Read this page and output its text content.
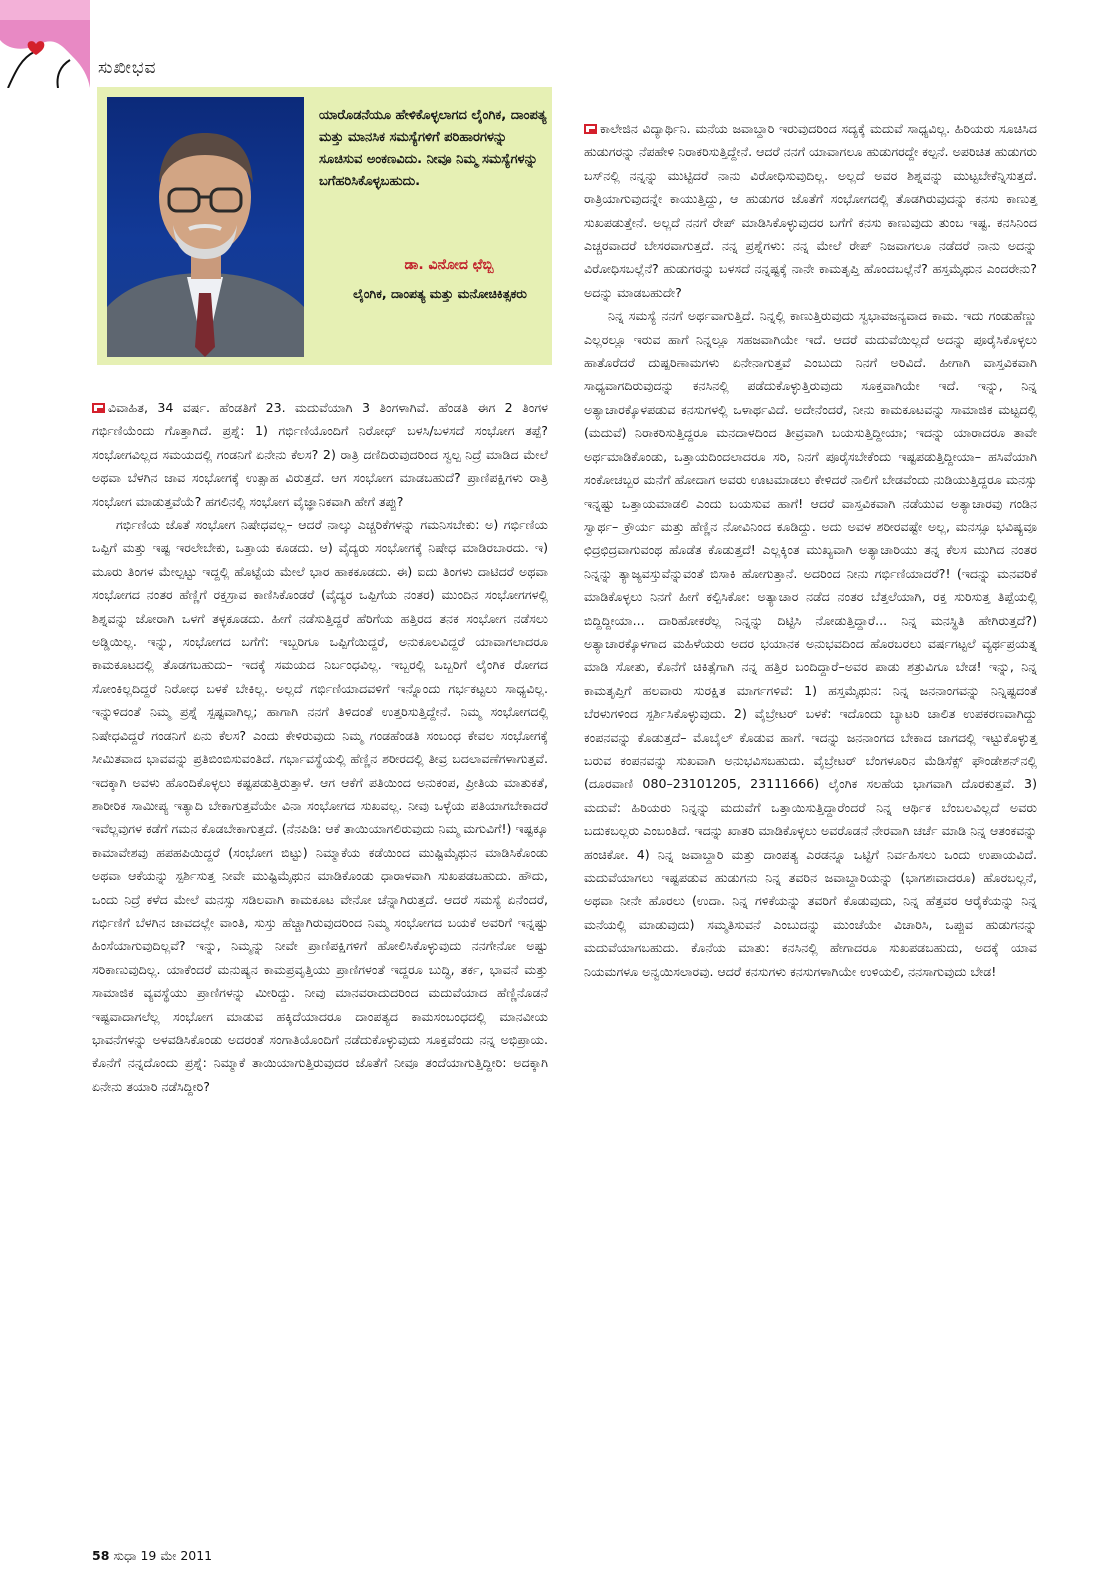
ಸುಖೀಭವ
ಯಾರೊಡನೆಯೂ ಹೇಳಿಕೊಳ್ಳಲಾಗದ ಲೈಂಗಿಕ, ದಾಂಪತ್ಯ ಮತ್ತು ಮಾನಸಿಕ ಸಮಸ್ಯೆಗಳಿಗೆ ಪರಿಹಾರಗಳನ್ನು ಸೂಚಿಸುವ ಅಂಕಣವಿದು. ನೀವೂ ನಿಮ್ಮ ಸಮಸ್ಯೆಗಳನ್ನು ಬಗೆಹರಿಸಿಕೊಳ್ಳಬಹುದು.
ಡಾ. ವಿನೋದ ಛೆಬ್ಬಿ
ಲೈಂಗಿಕ, ದಾಂಪತ್ಯ ಮತ್ತು ಮನೋಚಿಕಿತ್ಸಕರು

ವಿವಾಹಿತ, 34 ವರ್ಷ. ಹೆಂಡತಿಗೆ 23. ಮದುವೆಯಾಗಿ 3 ತಿಂಗಳಾಗಿವೆ. ಹೆಂಡತಿ ಈಗ 2 ತಿಂಗಳ ಗರ್ಭಿಣಿಯೆಂದು ಗೊತ್ತಾಗಿದೆ. ಪ್ರಶ್ನೆ: 1) ಗರ್ಭಿಣಿಯೊಂದಿಗೆ ನಿರೋಧ್ ಬಳಸಿ/ಬಳಸದೆ ಸಂಭೋಗ ತಪ್ಪೆ? ಸಂಭೋಗವಿಲ್ಲದ ಸಮಯದಲ್ಲಿ ಗಂಡನಿಗೆ ಏನೇನು ಕೆಲಸ? 2) ರಾತ್ರಿ ದಣಿದಿರುವುದರಿಂದ ಸ್ವಲ್ಪ ನಿದ್ರೆ ಮಾಡಿದ ಮೇಲೆ ಅಥವಾ ಬೆಳಗಿನ ಜಾವ ಸಂಭೋಗಕ್ಕೆ ಉತ್ಸಾಹ ವಿರುತ್ತದೆ. ಆಗ ಸಂಭೋಗ ಮಾಡಬಹುದೆ? ಪ್ರಾಣಿಪಕ್ಷಿಗಳು ರಾತ್ರಿ ಸಂಭೋಗ ಮಾಡುತ್ತವೆಯೆ? ಹಗಲಿನಲ್ಲಿ ಸಂಭೋಗ ವೈಜ್ಞಾನಿಕವಾಗಿ ಹೇಗೆ ತಪ್ಪು?

ಗರ್ಭಿಣಿಯ ಜೊತೆ ಸಂಭೋಗ ನಿಷೇಧವಲ್ಲ– ಆದರೆ ನಾಲ್ಕು ಎಚ್ಚರಿಕೆಗಳನ್ನು ಗಮನಿಸಬೇಕು: ಅ) ಗರ್ಭಿಣಿಯ ಒಪ್ಪಿಗೆ ಮತ್ತು ಇಷ್ಟ ಇರಲೇಬೇಕು, ಒತ್ತಾಯ ಕೂಡದು. ಆ) ವೈದ್ಯರು ಸಂಭೋಗಕ್ಕೆ ನಿಷೇಧ ಮಾಡಿರಬಾರದು. ಇ) ಮೂರು ತಿಂಗಳ ಮೇಲ್ಪಟ್ಟು ಇದ್ದಲ್ಲಿ ಹೊಟ್ಟೆಯ ಮೇಲೆ ಭಾರ ಹಾಕಕೂಡದು. ಈ) ಐದು ತಿಂಗಳು ದಾಟಿದರೆ ಅಥವಾ ಸಂಭೋಗದ ನಂತರ ಹೆಣ್ಣಿಗೆ ರಕ್ತಸ್ರಾವ ಕಾಣಿಸಿಕೊಂಡರೆ (ವೈದ್ಯರ ಒಪ್ಪಿಗೆಯ ನಂತರ) ಮುಂದಿನ ಸಂಭೋಗಗಳಲ್ಲಿ ಶಿಶ್ನವನ್ನು ಜೋರಾಗಿ ಒಳಗೆ ತಳ್ಳಕೂಡದು. ಹೀಗೆ ನಡೆಸುತ್ತಿದ್ದರೆ ಹೆರಿಗೆಯ ಹತ್ತಿರದ ತನಕ ಸಂಭೋಗ ನಡೆಸಲು ಅಡ್ಡಿಯಿಲ್ಲ. ಇನ್ನು, ಸಂಭೋಗದ ಬಗೆಗೆ: ಇಬ್ಬರಿಗೂ ಒಪ್ಪಿಗೆಯಿದ್ದರೆ, ಅನುಕೂಲವಿದ್ದರೆ ಯಾವಾಗಲಾದರೂ ಕಾಮಕೂಟದಲ್ಲಿ ತೊಡಗಬಹುದು– ಇದಕ್ಕೆ ಸಮಯದ ನಿರ್ಬಂಧವಿಲ್ಲ. ಇಬ್ಬರಲ್ಲಿ ಒಬ್ಬರಿಗೆ ಲೈಂಗಿಕ ರೋಗದ ಸೋಂಕಿಲ್ಲದಿದ್ದರೆ ನಿರೋಧ ಬಳಕೆ ಬೇಕಿಲ್ಲ. ಅಲ್ಲದೆ ಗರ್ಭಿಣಿಯಾದವಳಿಗೆ ಇನ್ನೊಂದು ಗರ್ಭಕಟ್ಟಲು ಸಾಧ್ಯವಿಲ್ಲ. ಇನ್ನುಳಿದಂತೆ ನಿಮ್ಮ ಪ್ರಶ್ನೆ ಸ್ಪಷ್ಟವಾಗಿಲ್ಲ; ಹಾಗಾಗಿ ನನಗೆ ತಿಳಿದಂತೆ ಉತ್ತರಿಸುತ್ತಿದ್ದೇನೆ. ನಿಮ್ಮ ಸಂಭೋಗದಲ್ಲಿ ನಿಷೇಧವಿದ್ದರೆ ಗಂಡನಿಗೆ ಏನು ಕೆಲಸ? ಎಂದು ಕೇಳಿರುವುದು ನಿಮ್ಮ ಗಂಡಹೆಂಡತಿ ಸಂಬಂಧ ಕೇವಲ ಸಂಭೋಗಕ್ಕೆ ಸೀಮಿತವಾದ ಭಾವವನ್ನು ಪ್ರತಿಬಿಂಬಿಸುವಂತಿದೆ. ಗರ್ಭಾವಸ್ಥೆಯಲ್ಲಿ ಹೆಣ್ಣಿನ ಶರೀರದಲ್ಲಿ ತೀವ್ರ ಬದಲಾವಣೆಗಳಾಗುತ್ತವೆ. ಇದಕ್ಕಾಗಿ ಅವಳು ಹೊಂದಿಕೊಳ್ಳಲು ಕಷ್ಟಪಡುತ್ತಿರುತ್ತಾಳೆ. ಆಗ ಆಕೆಗೆ ಪತಿಯಿಂದ ಅನುಕಂಪ, ಪ್ರೀತಿಯ ಮಾತುಕತೆ, ಶಾರೀರಿಕ ಸಾಮೀಪ್ಯ ಇತ್ಯಾದಿ ಬೇಕಾಗುತ್ತವೆಯೇ ವಿನಾ ಸಂಭೋಗದ ಸುಖವಲ್ಲ. ನೀವು ಒಳ್ಳೆಯ ಪತಿಯಾಗಬೇಕಾದರೆ ಇವೆಲ್ಲವುಗಳ ಕಡೆಗೆ ಗಮನ ಕೊಡಬೇಕಾಗುತ್ತದೆ. (ನೆನಪಿಡಿ: ಆಕೆ ತಾಯಿಯಾಗಲಿರುವುದು ನಿಮ್ಮ ಮಗುವಿಗೆ!) ಇಷ್ಟಕ್ಕೂ ಕಾಮಾವೇಶವು ಹಪಹಪಿಯಿದ್ದರೆ (ಸಂಭೋಗ ಬಿಟ್ಟು) ನಿಮ್ಮಾಕೆಯ ಕಡೆಯಿಂದ ಮುಷ್ಟಿಮೈಥುನ ಮಾಡಿಸಿಕೊಂಡು ಅಥವಾ ಆಕೆಯನ್ನು ಸ್ಪರ್ಶಿಸುತ್ತ ನೀವೇ ಮುಷ್ಟಿಮೈಥುನ ಮಾಡಿಕೊಂಡು ಧಾರಾಳವಾಗಿ ಸುಖಪಡಬಹುದು. ಹೌದು, ಒಂದು ನಿದ್ರೆ ಕಳೆದ ಮೇಲೆ ಮನಸ್ಸು ಸಡಿಲವಾಗಿ ಕಾಮಕೂಟ ವೇನೋ ಚೆನ್ನಾಗಿರುತ್ತದೆ. ಆದರೆ ಸಮಸ್ಯೆ ಏನೆಂದರೆ, ಗರ್ಭಿಣಿಗೆ ಬೆಳಗಿನ ಜಾವದಲ್ಲೇ ವಾಂತಿ, ಸುಸ್ತು ಹೆಚ್ಚಾಗಿರುವುದರಿಂದ ನಿಮ್ಮ ಸಂಭೋಗದ ಬಯಕೆ ಅವರಿಗೆ ಇನ್ನಷ್ಟು ಹಿಂಸೆಯಾಗುವುದಿಲ್ಲವೆ? ಇನ್ನು, ನಿಮ್ಮನ್ನು ನೀವೇ ಪ್ರಾಣಿಪಕ್ಷಿಗಳಿಗೆ ಹೋಲಿಸಿಕೊಳ್ಳುವುದು ನನಗೇನೋ ಅಷ್ಟು ಸರಿಕಾಣುವುದಿಲ್ಲ. ಯಾಕೆಂದರೆ ಮನುಷ್ಯನ ಕಾಮಪ್ರವೃತ್ತಿಯು ಪ್ರಾಣಿಗಳಂತೆ ಇದ್ದರೂ ಬುದ್ಧಿ, ತರ್ಕ, ಭಾವನೆ ಮತ್ತು ಸಾಮಾಜಿಕ ವ್ಯವಸ್ಥೆಯು ಪ್ರಾಣಿಗಳನ್ನು ಮೀರಿದ್ದು. ನೀವು ಮಾನವರಾದುದರಿಂದ ಮದುವೆಯಾದ ಹೆಣ್ಣಿನೊಡನೆ ಇಷ್ಟವಾದಾಗಲೆಲ್ಲ ಸಂಭೋಗ ಮಾಡುವ ಹಕ್ಕಿದೆಯಾದರೂ ದಾಂಪತ್ಯದ ಕಾಮಸಂಬಂಧದಲ್ಲಿ ಮಾನವೀಯ ಭಾವನೆಗಳನ್ನು ಅಳವಡಿಸಿಕೊಂಡು ಅದರಂತೆ ಸಂಗಾತಿಯೊಂದಿಗೆ ನಡೆದುಕೊಳ್ಳುವುದು ಸೂಕ್ತವೆಂದು ನನ್ನ ಅಭಿಪ್ರಾಯ. ಕೊನೆಗೆ ನನ್ನದೊಂದು ಪ್ರಶ್ನೆ: ನಿಮ್ಮಾಕೆ ತಾಯಿಯಾಗುತ್ತಿರುವುದರ ಜೊತೆಗೆ ನೀವೂ ತಂದೆಯಾಗುತ್ತಿದ್ದೀರಿ: ಅದಕ್ಕಾಗಿ ಏನೇನು ತಯಾರಿ ನಡೆಸಿದ್ದೀರಿ?

ಕಾಲೇಜಿನ ವಿದ್ಯಾರ್ಥಿನಿ. ಮನೆಯ ಜವಾಬ್ದಾರಿ ಇರುವುದರಿಂದ ಸದ್ಯಕ್ಕೆ ಮದುವೆ ಸಾಧ್ಯವಿಲ್ಲ. ಹಿರಿಯರು ಸೂಚಿಸಿದ ಹುಡುಗರನ್ನು ನೆಪಹೇಳಿ ನಿರಾಕರಿಸುತ್ತಿದ್ದೇನೆ. ಆದರೆ ನನಗೆ ಯಾವಾಗಲೂ ಹುಡುಗರದ್ದೇ ಕಲ್ಪನೆ. ಅಪರಿಚಿತ ಹುಡುಗರು ಬಸ್‌ನಲ್ಲಿ ನನ್ನನ್ನು ಮುಟ್ಟಿದರೆ ನಾನು ವಿರೋಧಿಸುವುದಿಲ್ಲ. ಅಲ್ಲದೆ ಅವರ ಶಿಶ್ನವನ್ನು ಮುಟ್ಟಬೇಕೆನ್ನಿಸುತ್ತದೆ. ರಾತ್ರಿಯಾಗುವುದನ್ನೇ ಕಾಯುತ್ತಿದ್ದು, ಆ ಹುಡುಗರ ಜೊತೆಗೆ ಸಂಭೋಗದಲ್ಲಿ ತೊಡಗಿರುವುದನ್ನು ಕನಸು ಕಾಣುತ್ತ ಸುಖಪಡುತ್ತೇನೆ. ಅಲ್ಲದೆ ನನಗೆ ರೇಪ್ ಮಾಡಿಸಿಕೊಳ್ಳುವುದರ ಬಗೆಗೆ ಕನಸು ಕಾಣುವುದು ತುಂಬ ಇಷ್ಟ. ಕನಸಿನಿಂದ ಎಚ್ಚರವಾದರೆ ಬೇಸರವಾಗುತ್ತದೆ. ನನ್ನ ಪ್ರಶ್ನೆಗಳು: ನನ್ನ ಮೇಲೆ ರೇಪ್ ನಿಜವಾಗಲೂ ನಡೆದರೆ ನಾನು ಅದನ್ನು ವಿರೋಧಿಸಬಲ್ಲೆನೆ? ಹುಡುಗರನ್ನು ಬಳಸದೆ ನನ್ನಷ್ಟಕ್ಕೆ ನಾನೇ ಕಾಮತೃಪ್ತಿ ಹೊಂದಬಲ್ಲೆನೆ? ಹಸ್ತಮೈಥುನ ಎಂದರೇನು? ಅದನ್ನು ಮಾಡಬಹುದೇ?

ನಿನ್ನ ಸಮಸ್ಯೆ ನನಗೆ ಅರ್ಥವಾಗುತ್ತಿದೆ. ನಿನ್ನಲ್ಲಿ ಕಾಣುತ್ತಿರುವುದು ಸ್ವಭಾವಜನ್ಯವಾದ ಕಾಮ. ಇದು ಗಂಡುಹೆಣ್ಣು ಎಲ್ಲರಲ್ಲೂ ಇರುವ ಹಾಗೆ ನಿನ್ನಲ್ಲೂ ಸಹಜವಾಗಿಯೇ ಇದೆ. ಆದರೆ ಮದುವೆಯಿಲ್ಲದೆ ಅದನ್ನು ಪೂರೈಸಿಕೊಳ್ಳಲು ಹಾತೊರೆದರೆ ದುಷ್ಪರಿಣಾಮಗಳು ಏನೇನಾಗುತ್ತವೆ ಎಂಬುದು ನಿನಗೆ ಅರಿವಿದೆ. ಹೀಗಾಗಿ ವಾಸ್ತವಿಕವಾಗಿ ಸಾಧ್ಯವಾಗದಿರುವುದನ್ನು ಕನಸಿನಲ್ಲಿ ಪಡೆದುಕೊಳ್ಳುತ್ತಿರುವುದು ಸೂಕ್ತವಾಗಿಯೇ ಇದೆ. ಇನ್ನು, ನಿನ್ನ ಅತ್ಯಾಚಾರಕ್ಕೊಳಪಡುವ ಕನಸುಗಳಲ್ಲಿ ಒಳಾರ್ಥವಿದೆ. ಅದೇನೆಂದರೆ, ನೀನು ಕಾಮಕೂಟವನ್ನು ಸಾಮಾಜಿಕ ಮಟ್ಟದಲ್ಲಿ (ಮದುವೆ) ನಿರಾಕರಿಸುತ್ತಿದ್ದರೂ ಮನದಾಳದಿಂದ ತೀವ್ರವಾಗಿ ಬಯಸುತ್ತಿದ್ದೀಯಾ; ಇದನ್ನು ಯಾರಾದರೂ ತಾವೇ ಅರ್ಥಮಾಡಿಕೊಂಡು, ಒತ್ತಾಯದಿಂದಲಾದರೂ ಸರಿ, ನಿನಗೆ ಪೂರೈಸಬೇಕೆಂದು ಇಷ್ಟಪಡುತ್ತಿದ್ದೀಯಾ– ಹಸಿವೆಯಾಗಿ ಸಂಕೋಚಬ್ಬರ ಮನೆಗೆ ಹೋದಾಗ ಅವರು ಊಟಮಾಡಲು ಕೇಳಿದರೆ ನಾಲಿಗೆ ಬೇಡವೆಂದು ನುಡಿಯುತ್ತಿದ್ದರೂ ಮನಸ್ಸು ಇನ್ನಷ್ಟು ಒತ್ತಾಯಮಾಡಲಿ ಎಂದು ಬಯಸುವ ಹಾಗೆ! ಆದರೆ ವಾಸ್ತವಿಕವಾಗಿ ನಡೆಯುವ ಅತ್ಯಾಚಾರವು ಗಂಡಿನ ಸ್ವಾರ್ಥ– ಕ್ರೌರ್ಯ ಮತ್ತು ಹೆಣ್ಣಿನ ನೋವಿನಿಂದ ಕೂಡಿದ್ದು. ಅದು ಅವಳ ಶರೀರವಷ್ಟೇ ಅಲ್ಲ, ಮನಸ್ಸೂ ಭವಿಷ್ಯವೂ ಛಿದ್ರಛಿದ್ರವಾಗುವಂಥ ಹೊಡೆತ ಕೊಡುತ್ತದೆ! ಎಲ್ಲಕ್ಕಿಂತ ಮುಖ್ಯವಾಗಿ ಅತ್ಯಾಚಾರಿಯು ತನ್ನ ಕೆಲಸ ಮುಗಿದ ನಂತರ ನಿನ್ನನ್ನು ತ್ಯಾಜ್ಯವಸ್ತುವೆನ್ನುವಂತೆ ಬಿಸಾಕಿ ಹೋಗುತ್ತಾನೆ. ಅದರಿಂದ ನೀನು ಗರ್ಭಿಣಿಯಾದರೆ?! (ಇದನ್ನು ಮನವರಿಕೆ ಮಾಡಿಕೊಳ್ಳಲು ನಿನಗೆ ಹೀಗೆ ಕಲ್ಪಿಸಿಕೋ: ಅತ್ಯಾಚಾರ ನಡೆದ ನಂತರ ಬೆತ್ತಲೆಯಾಗಿ, ರಕ್ತ ಸುರಿಸುತ್ತ ತಿಪ್ಪೆಯಲ್ಲಿ ಬಿದ್ದಿದ್ದೀಯಾ... ದಾರಿಹೋಕರೆಲ್ಲ ನಿನ್ನನ್ನು ದಿಟ್ಟಿಸಿ ನೋಡುತ್ತಿದ್ದಾರೆ... ನಿನ್ನ ಮನಸ್ಥಿತಿ ಹೇಗಿರುತ್ತದೆ?) ಅತ್ಯಾಚಾರಕ್ಕೊಳಗಾದ ಮಹಿಳೆಯರು ಅದರ ಭಯಾನಕ ಅನುಭವದಿಂದ ಹೊರಬರಲು ವರ್ಷಗಟ್ಟಲೆ ವ್ಯರ್ಥಪ್ರಯತ್ನ ಮಾಡಿ ಸೋತು, ಕೊನೆಗೆ ಚಿಕಿತ್ಸೆಗಾಗಿ ನನ್ನ ಹತ್ತಿರ ಬಂದಿದ್ದಾರೆ–ಅವರ ಪಾಡು ಶತ್ರುವಿಗೂ ಬೇಡ! ಇನ್ನು, ನಿನ್ನ ಕಾಮತೃಪ್ತಿಗೆ ಹಲವಾರು ಸುರಕ್ಷಿತ ಮಾರ್ಗಗಳಿವೆ: 1) ಹಸ್ತಮೈಥುನ: ನಿನ್ನ ಜನನಾಂಗವನ್ನು ನಿನ್ನಿಷ್ಟದಂತೆ ಬೆರಳುಗಳಿಂದ ಸ್ಪರ್ಶಿಸಿಕೊಳ್ಳುವುದು. 2) ವೈಬ್ರೇಟರ್ ಬಳಕೆ: ಇದೊಂದು ಬ್ಯಾಟರಿ ಚಾಲಿತ ಉಪಕರಣವಾಗಿದ್ದು ಕಂಪನವನ್ನು ಕೊಡುತ್ತದೆ– ಮೊಬೈಲ್ ಕೊಡುವ ಹಾಗೆ. ಇದನ್ನು ಜನನಾಂಗದ ಬೇಕಾದ ಜಾಗದಲ್ಲಿ ಇಟ್ಟುಕೊಳ್ಳುತ್ತ ಬರುವ ಕಂಪನವನ್ನು ಸುಖವಾಗಿ ಅನುಭವಿಸಬಹುದು. ವೈಬ್ರೇಟರ್ ಬೆಂಗಳೂರಿನ ಮೆಡಿಸೆಕ್ಸ್ ಫೌಂಡೇಶನ್‌ನಲ್ಲಿ (ದೂರವಾಣಿ 080–23101205, 23111666) ಲೈಂಗಿಕ ಸಲಹೆಯ ಭಾಗವಾಗಿ ದೊರಕುತ್ತವೆ. 3) ಮದುವೆ: ಹಿರಿಯರು ನಿನ್ನನ್ನು ಮದುವೆಗೆ ಒತ್ತಾಯಿಸುತ್ತಿದ್ದಾರೆಂದರೆ ನಿನ್ನ ಆರ್ಥಿಕ ಬೆಂಬಲವಿಲ್ಲದೆ ಅವರು ಬದುಕಬಲ್ಲರು ಎಂಬಂತಿದೆ. ಇದನ್ನು ಖಾತರಿ ಮಾಡಿಕೊಳ್ಳಲು ಅವರೊಡನೆ ನೇರವಾಗಿ ಚರ್ಚೆ ಮಾಡಿ ನಿನ್ನ ಆತಂಕವನ್ನು ಹಂಚಿಕೋ. 4) ನಿನ್ನ ಜವಾಬ್ದಾರಿ ಮತ್ತು ದಾಂಪತ್ಯ ಎರಡನ್ನೂ ಒಟ್ಟಿಗೆ ನಿರ್ವಹಿಸಲು ಒಂದು ಉಪಾಯವಿದೆ. ಮದುವೆಯಾಗಲು ಇಷ್ಟಪಡುವ ಹುಡುಗನು ನಿನ್ನ ತವರಿನ ಜವಾಬ್ದಾರಿಯನ್ನು (ಭಾಗಶಃವಾದರೂ) ಹೊರಬಲ್ಲನೆ, ಅಥವಾ ನೀನೇ ಹೊರಲು (ಉದಾ. ನಿನ್ನ ಗಳಿಕೆಯನ್ನು ತವರಿಗೆ ಕೊಡುವುದು, ನಿನ್ನ ಹೆತ್ತವರ ಆರೈಕೆಯನ್ನು ನಿನ್ನ ಮನೆಯಲ್ಲಿ ಮಾಡುವುದು) ಸಮ್ಮತಿಸುವನೆ ಎಂಬುದನ್ನು ಮುಂಚೆಯೇ ವಿಚಾರಿಸಿ, ಒಪ್ಪುವ ಹುಡುಗನನ್ನು ಮದುವೆಯಾಗಬಹುದು. ಕೊನೆಯ ಮಾತು: ಕನಸಿನಲ್ಲಿ ಹೇಗಾದರೂ ಸುಖಪಡಬಹುದು, ಅದಕ್ಕೆ ಯಾವ ನಿಯಮಗಳೂ ಅನ್ವಯಿಸಲಾರವು. ಆದರೆ ಕನಸುಗಳು ಕನಸುಗಳಾಗಿಯೇ ಉಳಿಯಲಿ, ನನಸಾಗುವುದು ಬೇಡ!

58 ಸುಧಾ 19 ಮೇ 2011
